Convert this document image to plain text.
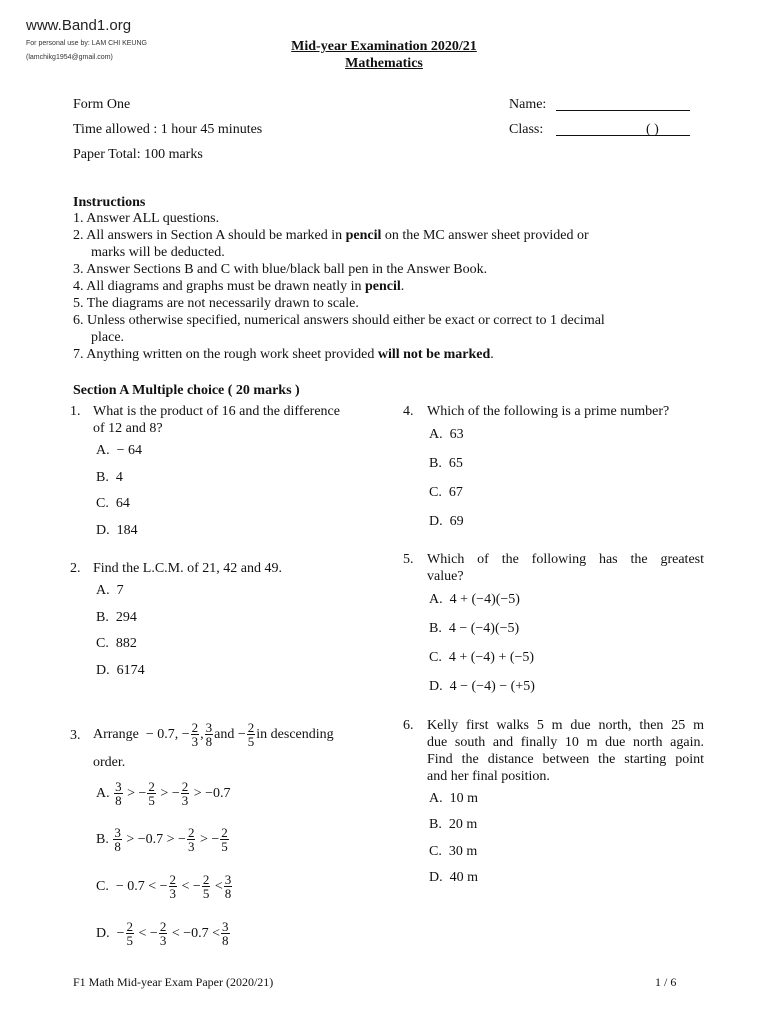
www.Band1.org
For personal use by: LAM CHI KEUNG
(lamchikg1954@gmail.com)
Mid-year Examination 2020/21
Mathematics
Form One
Time allowed : 1 hour 45 minutes
Paper Total: 100 marks
Name:
Class:	( )
Instructions
1. Answer ALL questions.
2. All answers in Section A should be marked in pencil on the MC answer sheet provided or
marks will be deducted.
3. Answer Sections B and C with blue/black ball pen in the Answer Book.
4. All diagrams and graphs must be drawn neatly in pencil.
5. The diagrams are not necessarily drawn to scale.
6. Unless otherwise specified, numerical answers should either be exact or correct to 1 decimal
place.
7. Anything written on the rough work sheet provided will not be marked.
Section A Multiple choice ( 20 marks )
1. What is the product of 16 and the difference
of 12 and 8?
A. − 64
B. 4
C. 64
D. 184
2. Find the L.C.M. of 21, 42 and 49.
A. 7
B. 294
C. 882
D. 6174
3. Arrange
− 0.7, − $\frac{2}{3}$ , $\frac{3}{8}$ and − $\frac{2}{5}$ in descending
order.
A.
$\frac{3}{8}$ > − $\frac{2}{5}$ > − $\frac{2}{3} > -0.7$
B.
$\frac{3}{8} > -0.7$ > − $\frac{2}{3}$ > − $\frac{2}{5}$
C. − 0.7 < − $\frac{2}{3}$ < − $\frac{2}{5} < \frac{3}{8}$
D. − $\frac{2}{5}$ < − $\frac{2}{3} < -0.7 < \frac{3}{8}$
4. Which of the following is a prime number?
A. 63
B. 65
C. 67
D. 69
5. Which of the following has the greatest
value?
A. 4 + (−4)(−5)
B. 4 − (−4)(−5)
C. 4 + (−4) + (−5)
D. 4 − (−4) − (+5)
6. Kelly first walks 5 m due north, then 25 m
due south and finally 10 m due north again.
Find the distance between the starting point
and her final position.
A. 10 m
B. 20 m
C. 30 m
D. 40 m
F1 Math Mid-year Exam Paper (2020/21)	1 / 6
